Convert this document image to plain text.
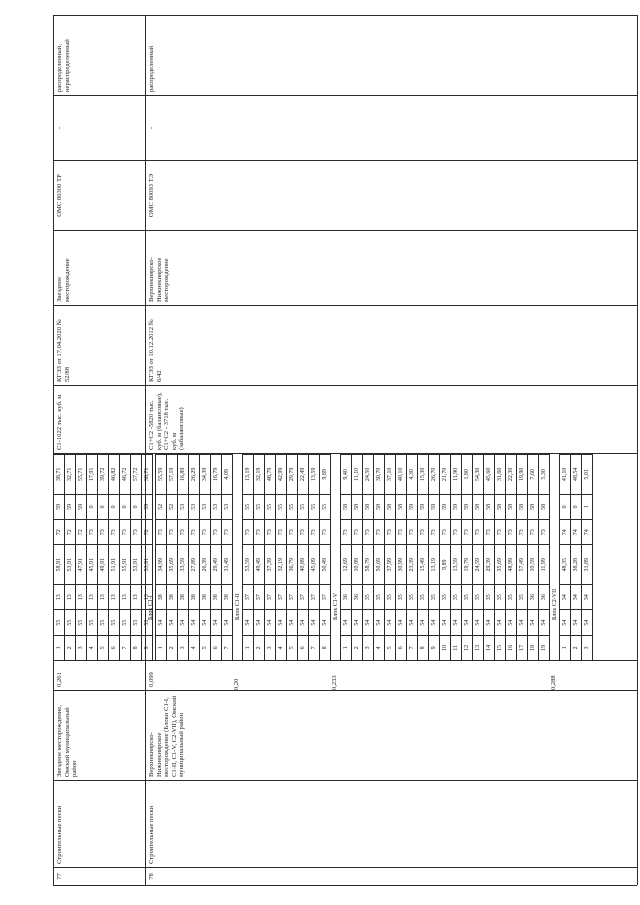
77
Строительные пески
Звездное месторождение, Омский муниципальный район
0,261
С1-1022 тыс. куб. м
КГЭЗ от 17.04.2020 № 52/88
Звездное месторождение
ОМС 80300 ТР
-
распределенный, нераспределенный
1
55
13
58,91
72
59
38,71
2
55
13
53,91
72
59
32,71
3
55
13
47,91
72
59
55,71
4
55
13
45,91
73
0
17,91
5
55
13
49,91
73
0
39,72
6
55
13
51,91
73
0
46,82
7
55
13
55,91
73
0
46,72
8
55
13
53,91
73
0
57,72
9
55
13
53,91
72
59
58,71
78
Строительные пески
Верхнекиярско-Нижнекиярское месторождение (Блоки С1-I, С1-II, С1-V, С2-VII), Омский муниципальный район
0,099
С1+С2 -5820 тыс. куб. м (балансовые), С1+С2 - 3718 тыс. куб. м (забалансовые)
КГЭЗ от 10.12.2012 № 6/42
Верхнекиярско-Нижнекиярское месторождение
ОМС 80093 ТЭ
-
распределенный
Блок С1-I
1
54
38
34,99
73
52
55,59
2
54
38
35,69
73
52
57,19
3
54
38
33,59
73
53
16,89
4
54
38
27,89
73
53
26,29
5
54
38
26,39
73
53
34,39
6
54
38
29,49
73
53
16,79
7
54
38
31,49
73
53
4,09
Блок С1-II
1
54
37
53,59
73
55
13,19
2
54
37
49,49
73
55
32,19
3
54
37
37,39
73
55
48,79
4
54
37
32,19
73
55
42,99
5
54
37
36,79
73
55
29,79
6
54
37
40,89
73
55
22,49
7
54
37
45,09
73
55
13,59
8
54
37
50,49
73
55
9,89
0,20
Блок С1-V
1
54
36
12,69
73
58
9,40
2
54
36
10,99
73
58
11,10
3
54
35
58,79
73
58
24,50
4
54
35
50,69
73
58
30,70
5
54
35
37,99
73
58
37,10
6
54
35
30,99
73
58
40,10
7
54
35
23,39
73
59
4,30
8
54
35
15,49
73
59
15,30
9
54
35
13,19
73
59
26,70
10
54
35
9,89
73
59
21,70
11
54
35
13,59
73
59
11,90
12
54
35
19,79
73
59
1,80
13
54
35
24,59
73
58
54,30
14
54
35
29,39
73
58
45,60
15
54
35
35,69
73
58
31,60
16
54
35
48,99
73
58
22,30
17
54
35
57,49
73
58
19,90
18
54
36
10,59
73
58
7,60
19
54
36
11,99
73
58
5,30
0,233
Блок С2-VII
1
54
34
48,35
74
0
41,10
2
54
34
38,28
74
0
48,54
3
54
34
31,89
74
1
5,01
0,288
